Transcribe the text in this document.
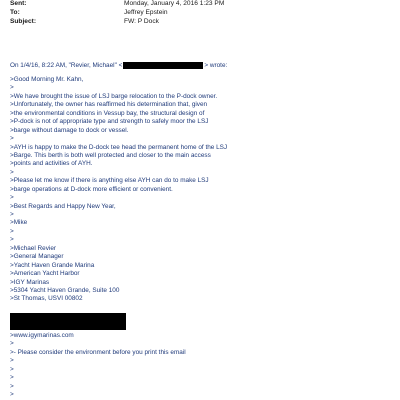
Sent:	Monday, January 4, 2016 1:23 PM
To:	Jeffrey Epstein
Subject:	FW: P Dock
On 1/4/16, 8:22 AM, "Revier, Michael" <	> wrote:
>Good Morning Mr. Kahn,
>
>We have brought the issue of LSJ barge relocation to the P-dock owner.
>Unfortunately, the owner has reaffirmed his determination that, given
>the environmental conditions in Vessup bay, the structural design of
>P-dock is not of appropriate type and strength to safely moor the LSJ
>barge without damage to dock or vessel.
>
>AYH is happy to make the D-dock tee head the permanent home of the LSJ
>Barge. This berth is both well protected and closer to the main access
>points and activities of AYH.
>
>Please let me know if there is anything else AYH can do to make LSJ
>barge operations at D-dock more efficient or convenient.
>
>Best Regards and Happy New Year,
>
>Mike
>
>
>Michael Revier
>General Manager
>Yacht Haven Grande Marina
>American Yacht Harbor
>IGY Marinas
>5304 Yacht Haven Grande, Suite 100
>St Thomas, USVI 00802
>www.igymarinas.com
>
>- Please consider the environment before you print this email
>
>
>
>
>
